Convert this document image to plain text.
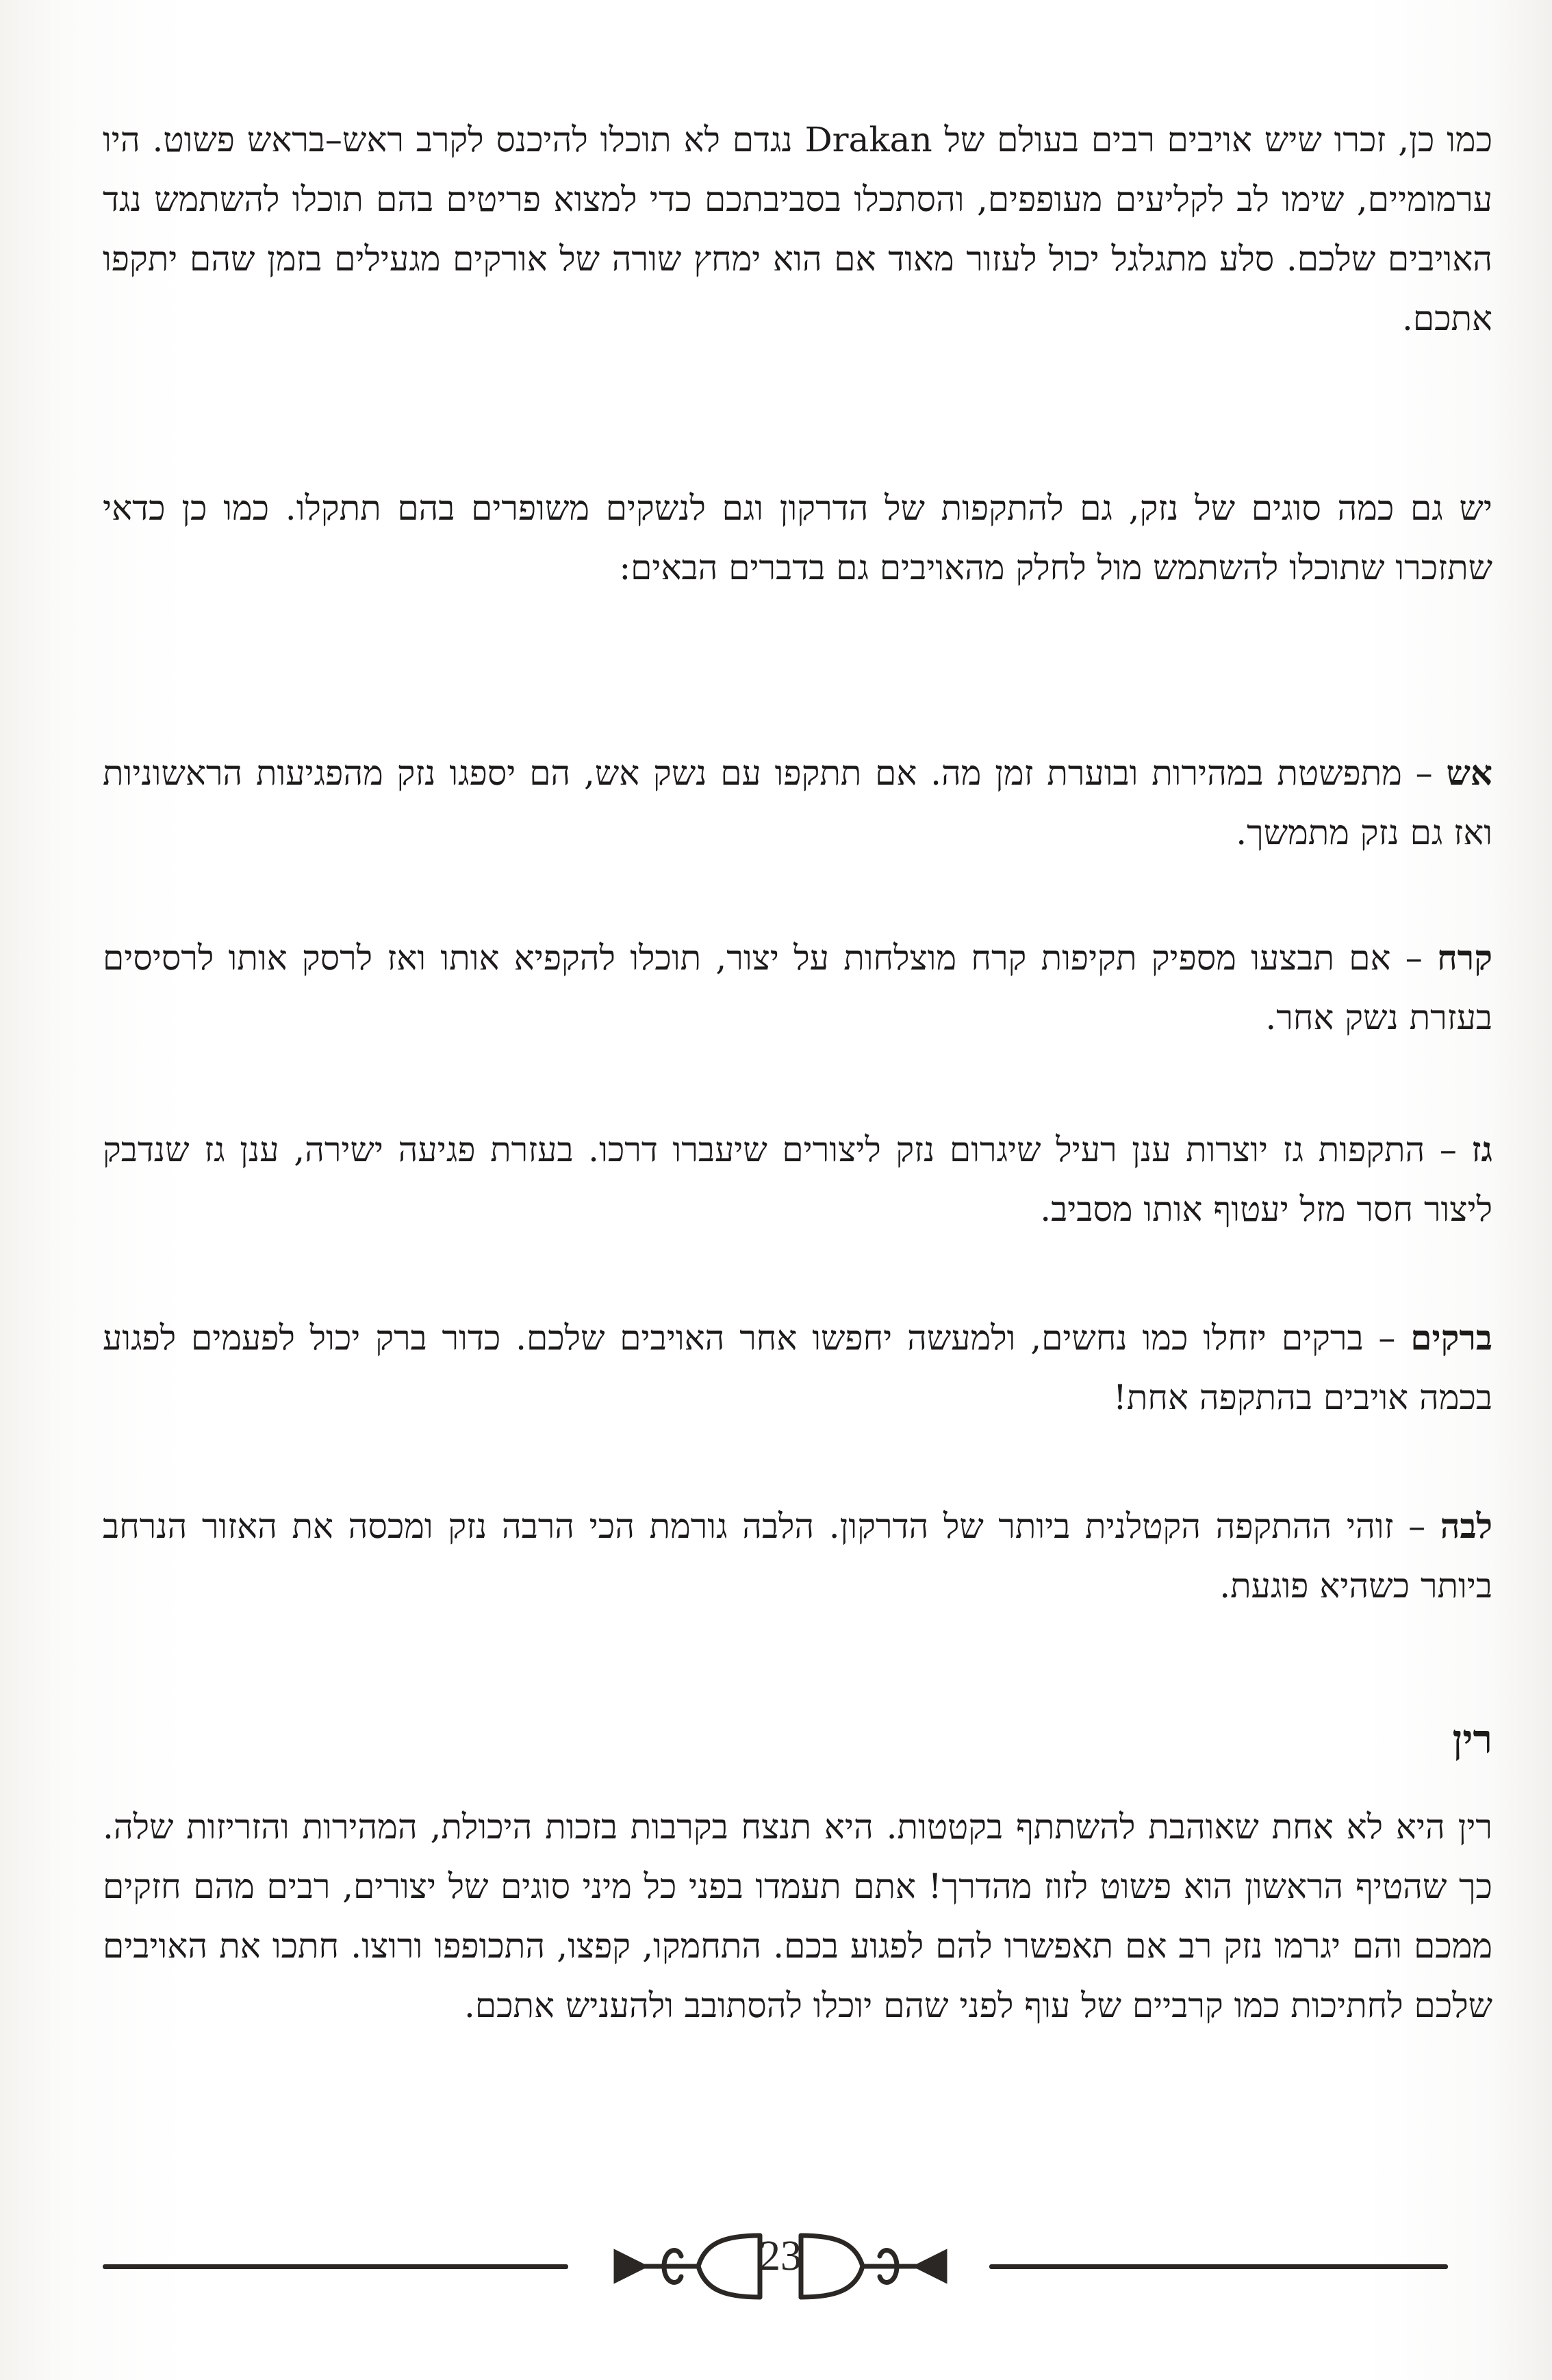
כמו כן, זכרו שיש אויבים רבים בעולם של Drakan נגדם לא תוכלו להיכנס לקרב ראש–בראש פשוט. היו ערמומיים, שימו לב לקליעים מעופפים, והסתכלו בסביבתכם כדי למצוא פריטים בהם תוכלו להשתמש נגד האויבים שלכם. סלע מתגלגל יכול לעזור מאוד אם הוא ימחץ שורה של אורקים מגעילים בזמן שהם יתקפו אתכם.

יש גם כמה סוגים של נזק, גם להתקפות של הדרקון וגם לנשקים משופרים בהם תתקלו. כמו כן כדאי שתזכרו שתוכלו להשתמש מול לחלק מהאויבים גם בדברים הבאים:

אש – מתפשטת במהירות ובוערת זמן מה. אם תתקפו עם נשק אש, הם יספגו נזק מהפגיעות הראשוניות ואז גם נזק מתמשך.

קרח – אם תבצעו מספיק תקיפות קרח מוצלחות על יצור, תוכלו להקפיא אותו ואז לרסק אותו לרסיסים בעזרת נשק אחר.

גז – התקפות גז יוצרות ענן רעיל שיגרום נזק ליצורים שיעברו דרכו. בעזרת פגיעה ישירה, ענן גז שנדבק ליצור חסר מזל יעטוף אותו מסביב.

ברקים – ברקים יזחלו כמו נחשים, ולמעשה יחפשו אחר האויבים שלכם. כדור ברק יכול לפעמים לפגוע בכמה אויבים בהתקפה אחת!

לבה – זוהי ההתקפה הקטלנית ביותר של הדרקון. הלבה גורמת הכי הרבה נזק ומכסה את האזור הנרחב ביותר כשהיא פוגעת.

רין

רין היא לא אחת שאוהבת להשתתף בקטטות. היא תנצח בקרבות בזכות היכולת, המהירות והזריזות שלה. כך שהטיף הראשון הוא פשוט לזוז מהדרך! אתם תעמדו בפני כל מיני סוגים של יצורים, רבים מהם חזקים ממכם והם יגרמו נזק רב אם תאפשרו להם לפגוע בכם. התחמקו, קפצו, התכופפו ורוצו. חתכו את האויבים שלכם לחתיכות כמו קרביים של עוף לפני שהם יוכלו להסתובב ולהעניש אתכם.

23
